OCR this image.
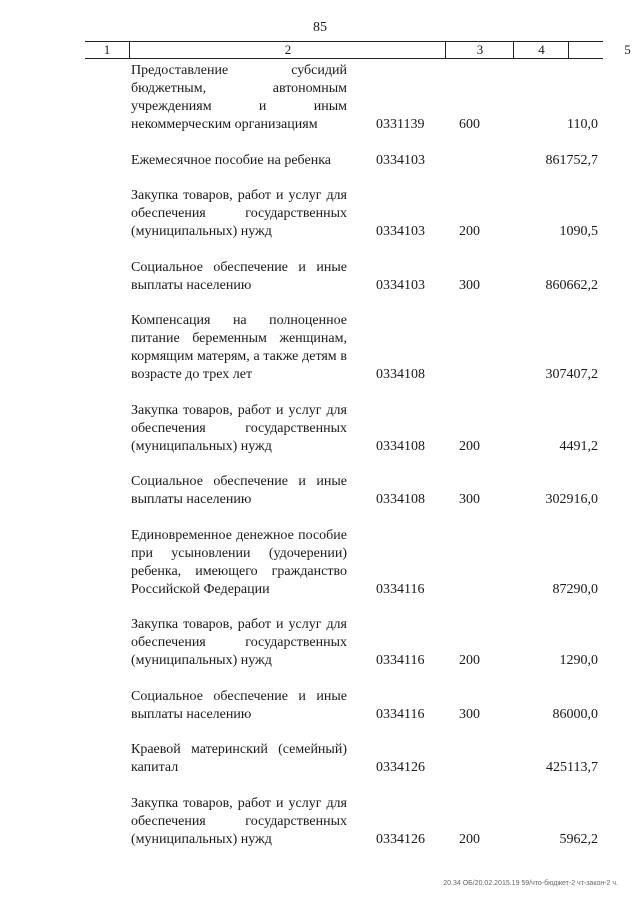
85
1	2	3	4	5
Предоставление субсидий бюджетным, автономным учреждениям и иным некоммерческим организациям	0331139 600	110,0
Ежемесячное пособие на ребенка	0334103	861752,7
Закупка товаров, работ и услуг для обеспечения государственных (муниципальных) нужд	0334103 200	1090,5
Социальное обеспечение и иные выплаты населению	0334103 300	860662,2
Компенсация на полноценное питание беременным женщинам, кормящим матерям, а также детям в возрасте до трех лет	0334108	307407,2
Закупка товаров, работ и услуг для обеспечения государственных (муниципальных) нужд	0334108 200	4491,2
Социальное обеспечение и иные выплаты населению	0334108 300	302916,0
Единовременное денежное пособие при усыновлении (удочерении) ребенка, имеющего гражданство Российской Федерации	0334116	87290,0
Закупка товаров, работ и услуг для обеспечения государственных (муниципальных) нужд	0334116 200	1290,0
Социальное обеспечение и иные выплаты населению	0334116 300	86000,0
Краевой материнский (семейный) капитал	0334126	425113,7
Закупка товаров, работ и услуг для обеспечения государственных (муниципальных) нужд	0334126 200	5962,2
20.34 ОБ/20.02.2015.19 59/что-бюджет-2 чт-закон-2 ч.
